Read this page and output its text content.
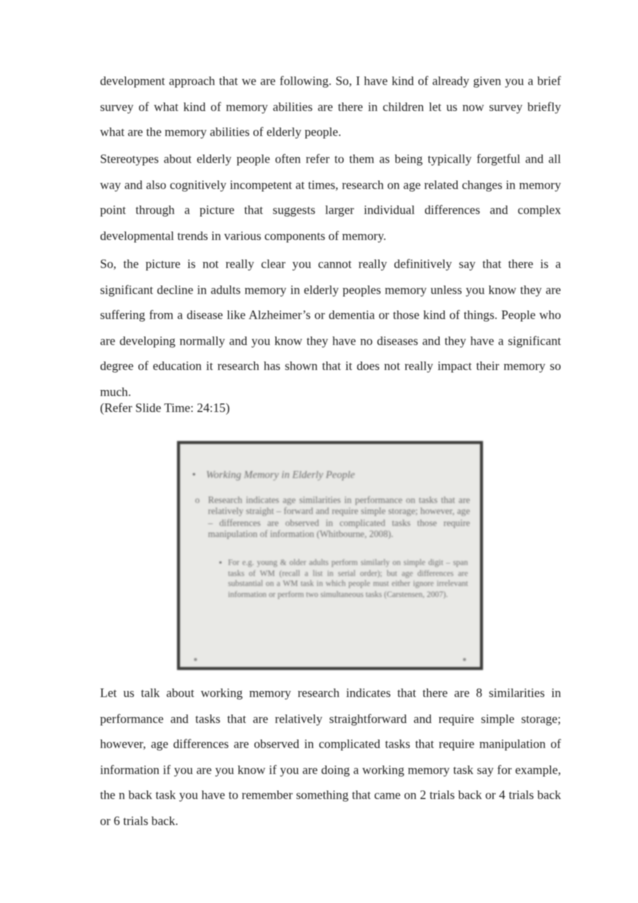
development approach that we are following. So, I have kind of already given you a brief survey of what kind of memory abilities are there in children let us now survey briefly what are the memory abilities of elderly people.

Stereotypes about elderly people often refer to them as being typically forgetful and all way and also cognitively incompetent at times, research on age related changes in memory point through a picture that suggests larger individual differences and complex developmental trends in various components of memory.

So, the picture is not really clear you cannot really definitively say that there is a significant decline in adults memory in elderly peoples memory unless you know they are suffering from a disease like Alzheimer’s or dementia or those kind of things. People who are developing normally and you know they have no diseases and they have a significant degree of education it research has shown that it does not really impact their memory so much.

(Refer Slide Time: 24:15)

• Working Memory in Elderly People
o Research indicates age similarities in performance on tasks that are relatively straight – forward and require simple storage; however, age – differences are observed in complicated tasks those require manipulation of information (Whitbourne, 2008).
▪ For e.g. young & older adults perform similarly on simple digit – span tasks of WM (recall a list in serial order); but age differences are substantial on a WM task in which people must either ignore irrelevant information or perform two simultaneous tasks (Carstensen, 2007).

Let us talk about working memory research indicates that there are 8 similarities in performance and tasks that are relatively straightforward and require simple storage; however, age differences are observed in complicated tasks that require manipulation of information if you are you know if you are doing a working memory task say for example, the n back task you have to remember something that came on 2 trials back or 4 trials back or 6 trials back.
